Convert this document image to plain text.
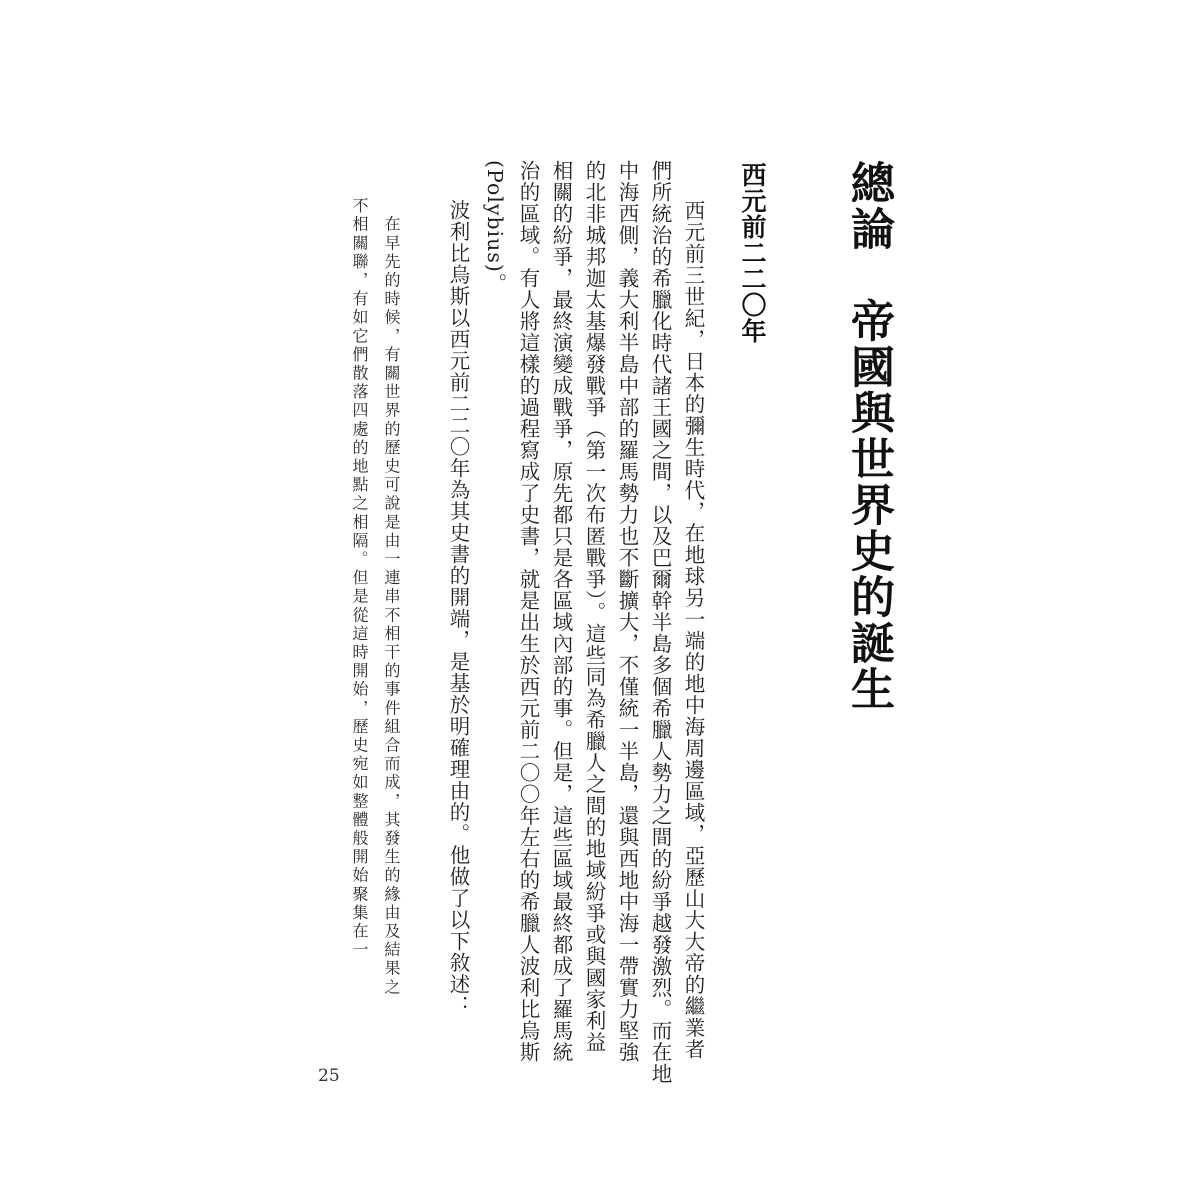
總論　帝國與世界史的誕生
西元前二二〇年
西元前三世紀，日本的彌生時代，在地球另一端的地中海周邊區域，亞歷山大大帝的繼業者
們所統治的希臘化時代諸王國之間，以及巴爾幹半島多個希臘人勢力之間的紛爭越發激烈。而在地
中海西側，義大利半島中部的羅馬勢力也不斷擴大，不僅統一半島，還與西地中海一帶實力堅強
的北非城邦迦太基爆發戰爭（第一次布匿戰爭）。這些同為希臘人之間的地域紛爭或與國家利益
相關的紛爭，最終演變成戰爭，原先都只是各區域內部的事。但是，這些區域最終都成了羅馬統
治的區域。有人將這樣的過程寫成了史書，就是出生於西元前二〇〇年左右的希臘人波利比烏斯
(Polybius)。
　波利比烏斯以西元前二二〇年為其史書的開端，是基於明確理由的。他做了以下敘述：
　在早先的時候，有關世界的歷史可說是由一連串不相干的事件組合而成，其發生的緣由及結果之
不相關聯，有如它們散落四處的地點之相隔。但是從這時開始，歷史宛如整體般開始聚集在一
25
